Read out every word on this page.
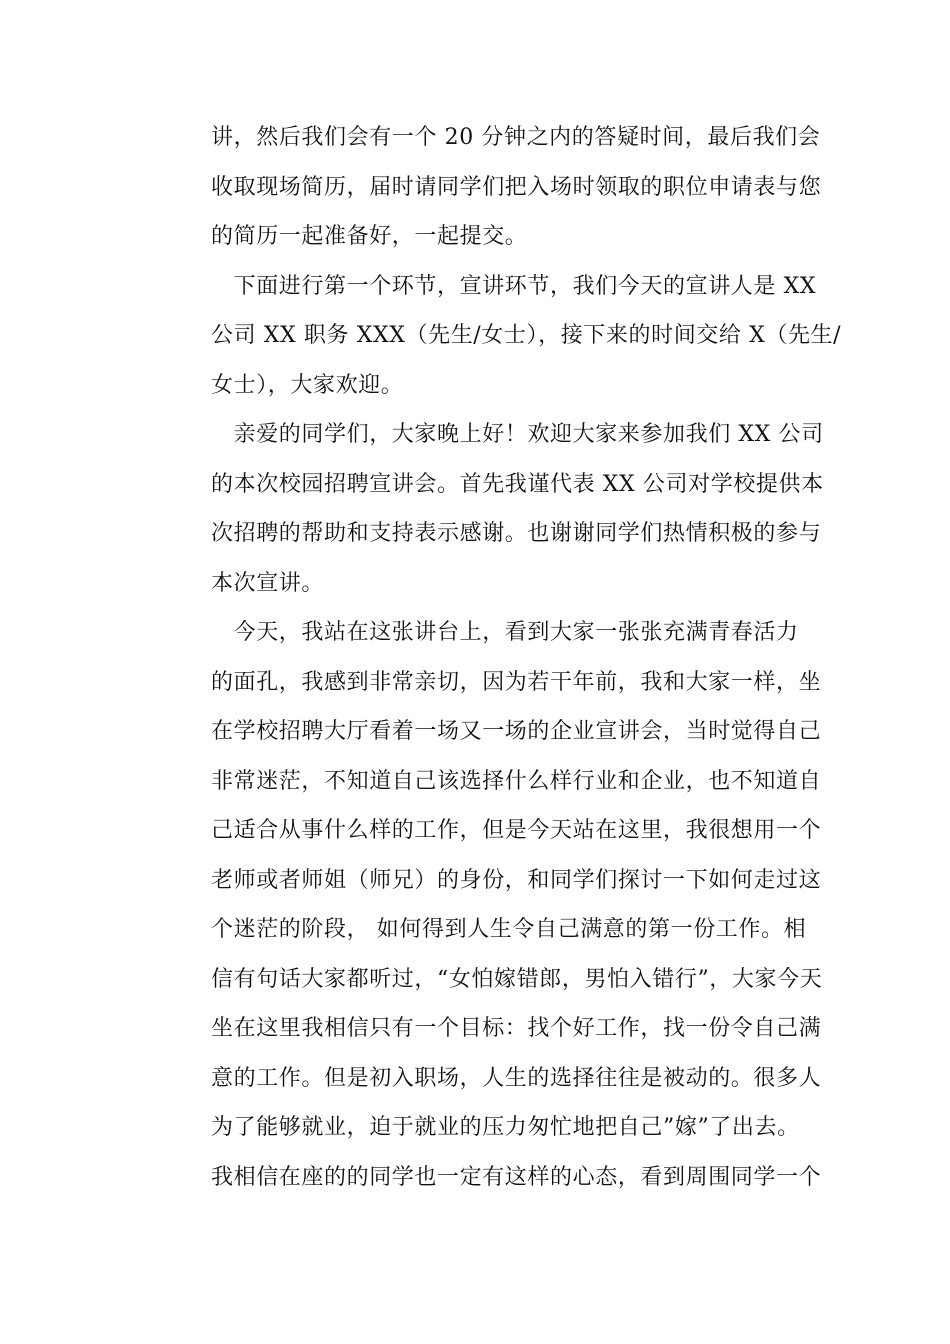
讲，然后我们会有一个 20 分钟之内的答疑时间，最后我们会
收取现场简历，届时请同学们把入场时领取的职位申请表与您
的简历一起准备好，一起提交。
　下面进行第一个环节，宣讲环节，我们今天的宣讲人是 XX
公司 XX 职务 XXX（先生/女士），接下来的时间交给 X（先生/
女士），大家欢迎。
　亲爱的同学们，大家晚上好！欢迎大家来参加我们 XX 公司
的本次校园招聘宣讲会。首先我谨代表 XX 公司对学校提供本
次招聘的帮助和支持表示感谢。也谢谢同学们热情积极的参与
本次宣讲。
　今天，我站在这张讲台上，看到大家一张张充满青春活力
的面孔，我感到非常亲切，因为若干年前，我和大家一样，坐
在学校招聘大厅看着一场又一场的企业宣讲会，当时觉得自己
非常迷茫，不知道自己该选择什么样行业和企业，也不知道自
己适合从事什么样的工作，但是今天站在这里，我很想用一个
老师或者师姐（师兄）的身份，和同学们探讨一下如何走过这
个迷茫的阶段， 如何得到人生令自己满意的第一份工作。相
信有句话大家都听过，“女怕嫁错郎，男怕入错行”，大家今天
坐在这里我相信只有一个目标：找个好工作，找一份令自己满
意的工作。但是初入职场，人生的选择往往是被动的。很多人
为了能够就业，迫于就业的压力匆忙地把自己”嫁”了出去。
我相信在座的的同学也一定有这样的心态，看到周围同学一个
